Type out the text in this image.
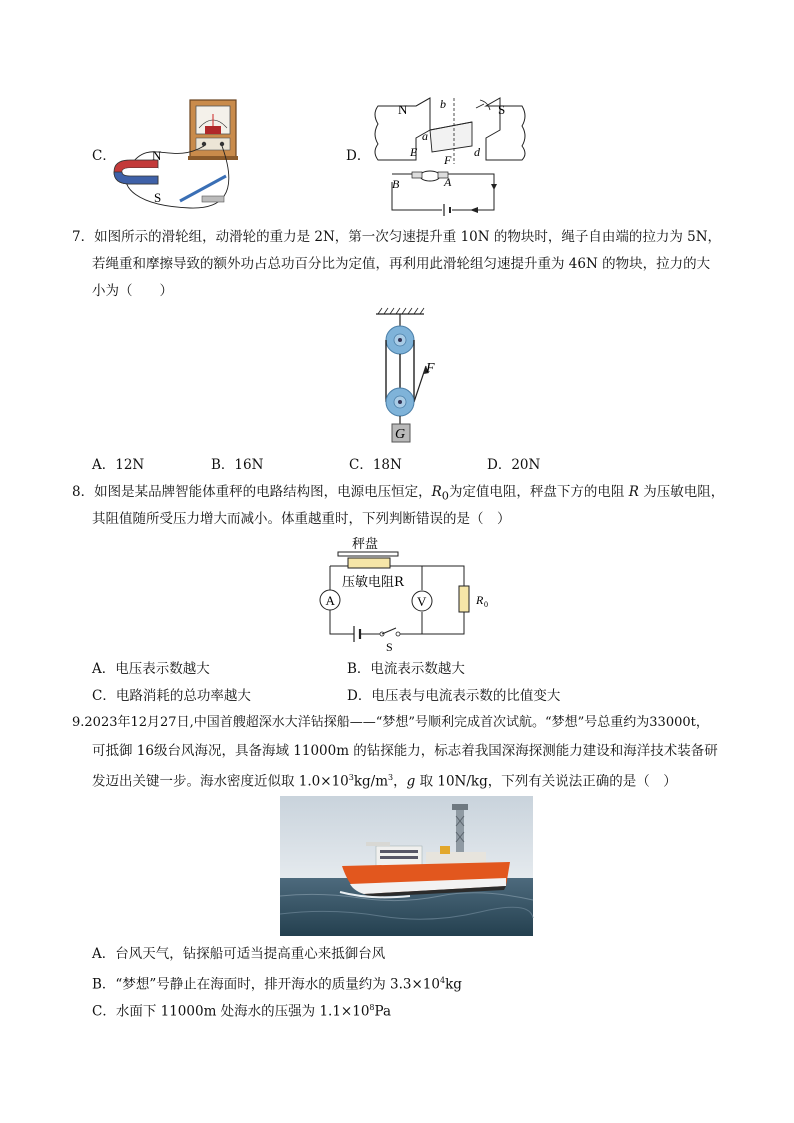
C．	N
S
D．
N	S
a
b
d
E
F
A
B
7．如图所示的滑轮组，动滑轮的重力是 2N，第一次匀速提升重 10N 的物块时，绳子自由端的拉力为 5N，
若绳重和摩擦导致的额外功占总功百分比为定值，再利用此滑轮组匀速提升重为 46N 的物块，拉力的大
小为（　　）
G
F
A．12N	B．16N	C．18N	D．20N
8．如图是某品牌智能体重秤的电路结构图，电源电压恒定，$R_0$为定值电阻，秤盘下方的电阻 R 为压敏电阻，
其阻值随所受压力增大而减小。体重越重时，下列判断错误的是（　）
秤盘
压敏电阻R
S
A	V	R 0
A．电压表示数越大	B．电流表示数越大
C．电路消耗的总功率越大	D．电压表与电流表示数的比值变大
9.2023年12月27日,中国首艘超深水大洋钻探船——“梦想”号顺利完成首次试航。“梦想”号总重约为33000t，
可抵御 16级台风海况，具备海域 11000m 的钻探能力，标志着我国深海探测能力建设和海洋技术装备研
发迈出关键一步。海水密度近似取 $1.0\times 10^3kg/m^3$，g 取 10N/kg，下列有关说法正确的是（　）
A．台风天气，钻探船可适当提高重心来抵御台风
B．“梦想”号静止在海面时，排开海水的质量约为 $3.3\times 10^4kg$
C．水面下 11000m 处海水的压强为 $1.1\times 10^8Pa$
